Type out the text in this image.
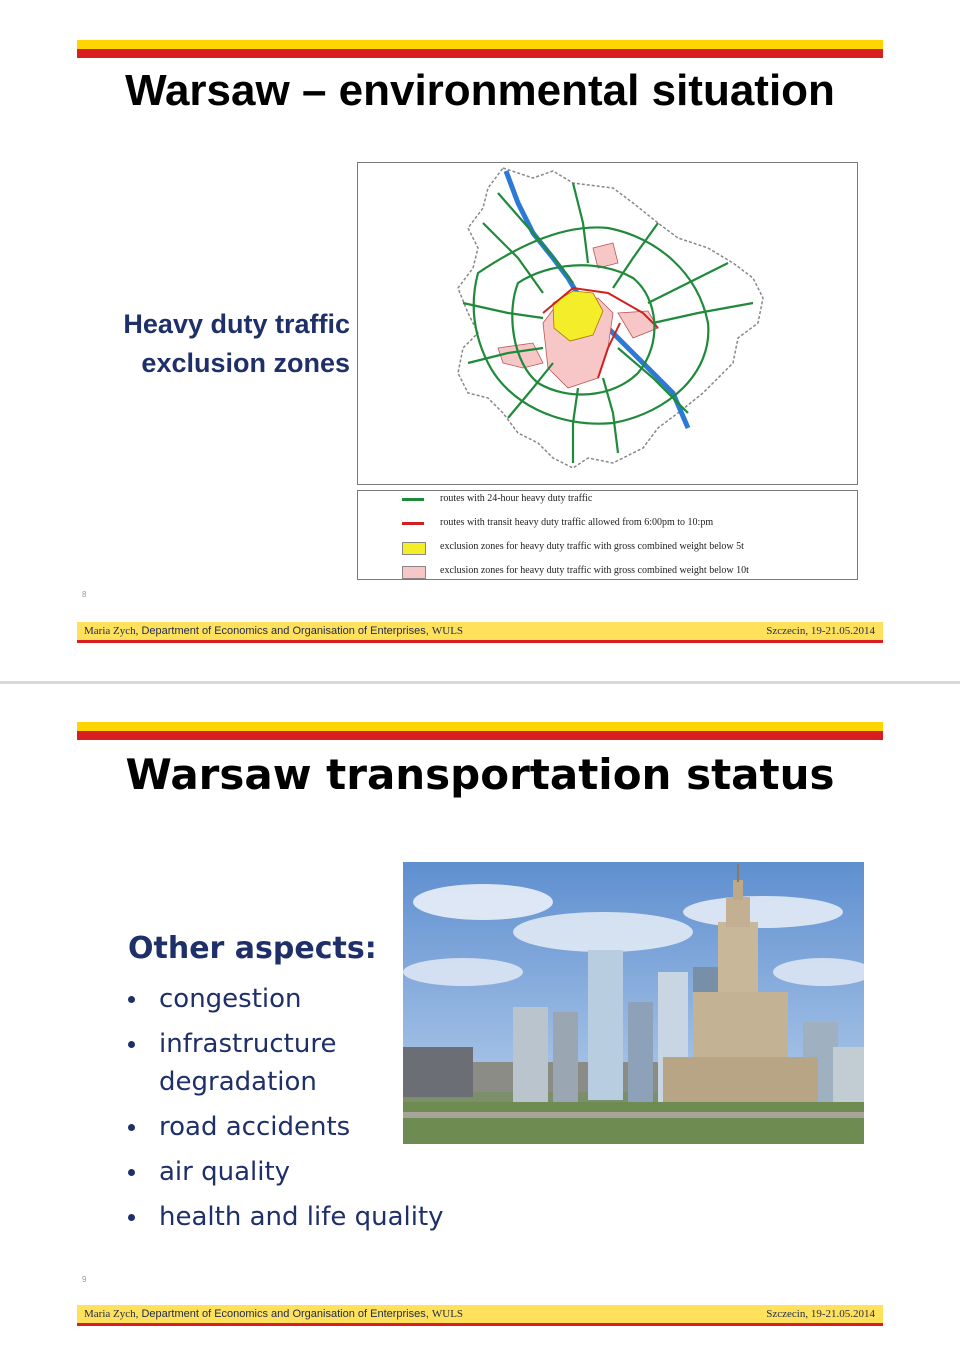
Warsaw – environmental situation
Heavy duty traffic
exclusion zones
routes with 24-hour heavy duty traffic
routes with transit heavy duty traffic allowed from 6:00pm to 10:pm
exclusion zones for heavy duty traffic with gross combined weight below 5t
exclusion zones for heavy duty traffic with gross combined weight below 10t
8
Maria Zych, Department of Economics and Organisation of Enterprises, WULS	Szczecin, 19-21.05.2014
Warsaw transportation status
Other aspects:
congestion
infrastructure degradation
road accidents
air quality
health and life quality
9
Maria Zych, Department of Economics and Organisation of Enterprises, WULS	Szczecin, 19-21.05.2014
